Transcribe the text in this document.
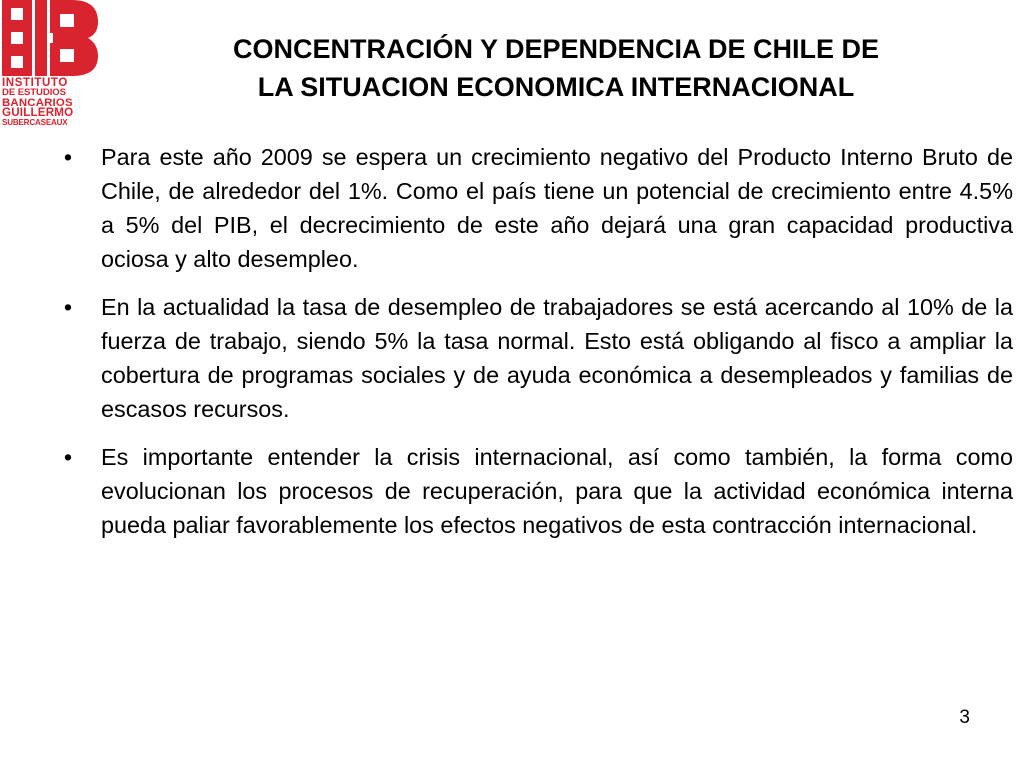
INSTITUTO
DE ESTUDIOS
BANCARIOS
GUILLERMO
SUBERCASEAUX
CONCENTRACIÓN Y DEPENDENCIA DE CHILE DE
LA SITUACION ECONOMICA INTERNACIONAL
• Para este año 2009 se espera un crecimiento negativo del Producto Interno Bruto de Chile, de alrededor del 1%. Como el país tiene un potencial de crecimiento entre 4.5% a 5% del PIB, el decrecimiento de este año dejará una gran capacidad productiva ociosa y alto desempleo.
• En la actualidad la tasa de desempleo de trabajadores se está acercando al 10% de la fuerza de trabajo, siendo 5% la tasa normal. Esto está obligando al fisco a ampliar la cobertura de programas sociales y de ayuda económica a desempleados y familias de escasos recursos.
• Es importante entender la crisis internacional, así como también, la forma como evolucionan los procesos de recuperación, para que la actividad económica interna pueda paliar favorablemente los efectos negativos de esta contracción internacional.
3
